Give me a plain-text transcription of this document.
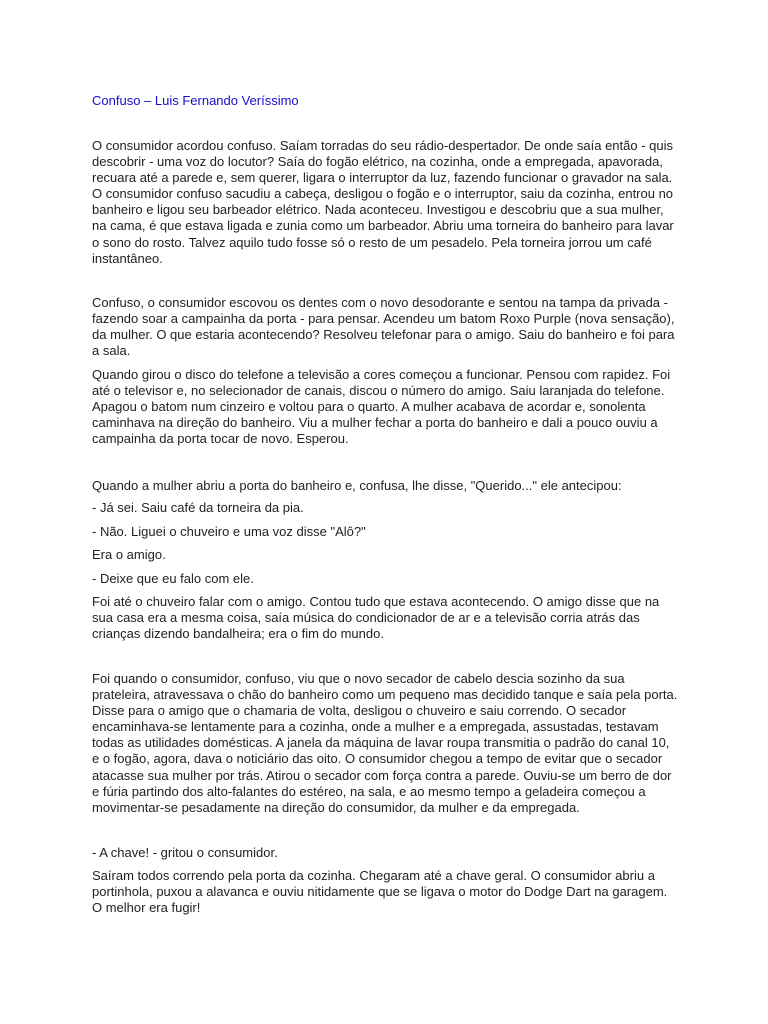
Confuso – Luis Fernando Veríssimo

O consumidor acordou confuso. Saíam torradas do seu rádio-despertador. De onde saía então - quis
descobrir - uma voz do locutor? Saía do fogão elétrico, na cozinha, onde a empregada, apavorada,
recuara até a parede e, sem querer, ligara o interruptor da luz, fazendo funcionar o gravador na sala.
O consumidor confuso sacudiu a cabeça, desligou o fogão e o interruptor, saiu da cozinha, entrou no
banheiro e ligou seu barbeador elétrico. Nada aconteceu. Investigou e descobriu que a sua mulher,
na cama, é que estava ligada e zunia como um barbeador. Abriu uma torneira do banheiro para lavar
o sono do rosto. Talvez aquilo tudo fosse só o resto de um pesadelo. Pela torneira jorrou um café
instantâneo.

Confuso, o consumidor escovou os dentes com o novo desodorante e sentou na tampa da privada -
fazendo soar a campainha da porta - para pensar. Acendeu um batom Roxo Purple (nova sensação),
da mulher. O que estaria acontecendo? Resolveu telefonar para o amigo. Saiu do banheiro e foi para
a sala.

Quando girou o disco do telefone a televisão a cores começou a funcionar. Pensou com rapidez. Foi
até o televisor e, no selecionador de canais, discou o número do amigo. Saiu laranjada do telefone.
Apagou o batom num cinzeiro e voltou para o quarto. A mulher acabava de acordar e, sonolenta
caminhava na direção do banheiro. Viu a mulher fechar a porta do banheiro e dali a pouco ouviu a
campainha da porta tocar de novo. Esperou.

Quando a mulher abriu a porta do banheiro e, confusa, lhe disse, "Querido..." ele antecipou:

- Já sei. Saiu café da torneira da pia.

- Não. Liguei o chuveiro e uma voz disse "Alô?"

Era o amigo.

- Deixe que eu falo com ele.

Foi até o chuveiro falar com o amigo. Contou tudo que estava acontecendo. O amigo disse que na
sua casa era a mesma coisa, saía música do condicionador de ar e a televisão corria atrás das
crianças dizendo bandalheira; era o fim do mundo.

Foi quando o consumidor, confuso, viu que o novo secador de cabelo descia sozinho da sua
prateleira, atravessava o chão do banheiro como um pequeno mas decidido tanque e saía pela porta.
Disse para o amigo que o chamaria de volta, desligou o chuveiro e saiu correndo. O secador
encaminhava-se lentamente para a cozinha, onde a mulher e a empregada, assustadas, testavam
todas as utilidades domésticas. A janela da máquina de lavar roupa transmitia o padrão do canal 10,
e o fogão, agora, dava o noticiário das oito. O consumidor chegou a tempo de evitar que o secador
atacasse sua mulher por trás. Atirou o secador com força contra a parede. Ouviu-se um berro de dor
e fúria partindo dos alto-falantes do estéreo, na sala, e ao mesmo tempo a geladeira começou a
movimentar-se pesadamente na direção do consumidor, da mulher e da empregada.

- A chave! - gritou o consumidor.

Saíram todos correndo pela porta da cozinha. Chegaram até a chave geral. O consumidor abriu a
portinhola, puxou a alavanca e ouviu nitidamente que se ligava o motor do Dodge Dart na garagem.
O melhor era fugir!
